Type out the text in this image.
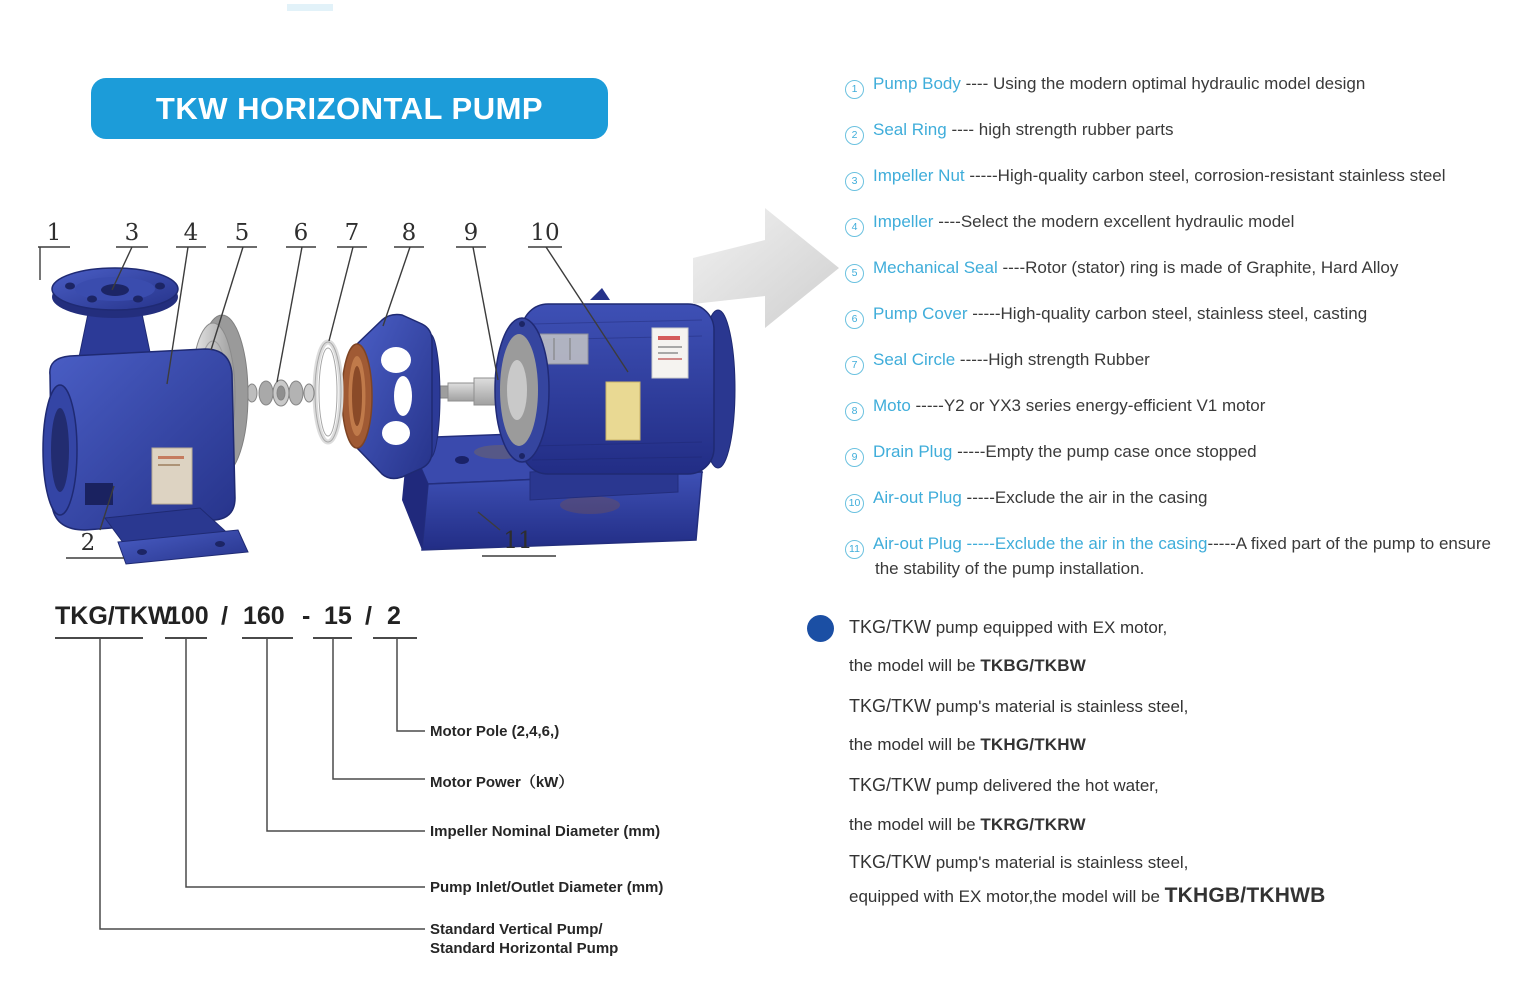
TKW HORIZONTAL PUMP
1	3 4 5 6 7 8 9 10
2	11
1 Pump Body ---- Using the modern optimal hydraulic model design
2 Seal Ring ---- high strength rubber parts
3 Impeller Nut -----High-quality carbon steel, corrosion-resistant stainless steel
4 Impeller ----Select the modern excellent hydraulic model
5 Mechanical Seal ----Rotor (stator) ring is made of Graphite, Hard Alloy
6 Pump Cover -----High-quality carbon steel, stainless steel, casting
7 Seal Circle -----High strength Rubber
8 Moto -----Y2 or YX3 series energy-efficient V1 motor
9 Drain Plug -----Empty the pump case once stopped
10 Air-out Plug -----Exclude the air in the casing
11 Air-out Plug -----Exclude the air in the casing-----A fixed part of the pump to ensure the stability of the pump installation.
TKG/TKW
100 / 160 - 15 / 2
Motor Pole (2,4,6,)
Motor Power（kW）
Impeller Nominal Diameter (mm)
Pump Inlet/Outlet Diameter (mm)
Standard Vertical Pump/
Standard Horizontal Pump
TKG/TKW pump equipped with EX motor,
the model will be TKBG/TKBW
TKG/TKW pump's material is stainless steel,
the model will be TKHG/TKHW
TKG/TKW pump delivered the hot water,
the model will be TKRG/TKRW
TKG/TKW pump's material is stainless steel,
equipped with EX motor,the model will be TKHGB/TKHWB
